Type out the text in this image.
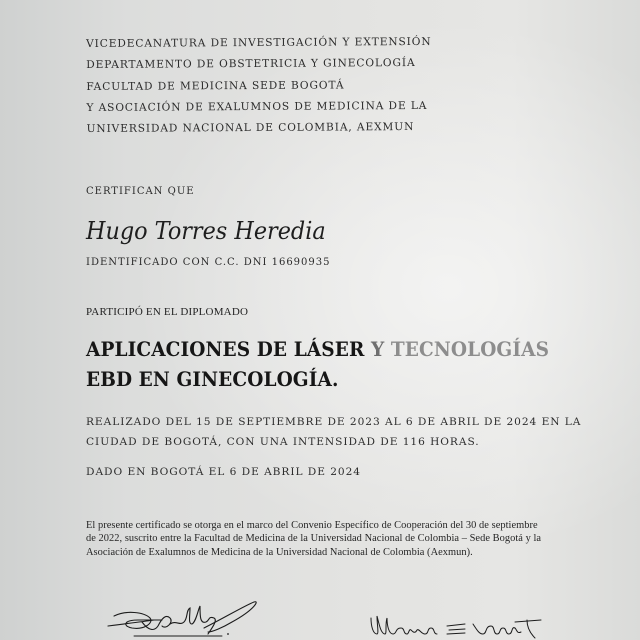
VICEDECANATURA DE INVESTIGACIÓN Y EXTENSIÓN
DEPARTAMENTO DE OBSTETRICIA Y GINECOLOGÍA
FACULTAD DE MEDICINA SEDE BOGOTÁ
Y ASOCIACIÓN DE EXALUMNOS DE MEDICINA DE LA
UNIVERSIDAD NACIONAL DE COLOMBIA, AEXMUN
CERTIFICAN QUE
Hugo Torres Heredia
IDENTIFICADO CON C.C. DNI 16690935
PARTICIPÓ EN EL DIPLOMADO
APLICACIONES DE LÁSER Y TECNOLOGÍAS
EBD EN GINECOLOGÍA.
REALIZADO DEL 15 DE SEPTIEMBRE DE 2023 AL 6 DE ABRIL DE 2024 EN LA
CIUDAD DE BOGOTÁ, CON UNA INTENSIDAD DE 116 HORAS.
DADO EN BOGOTÁ EL 6 DE ABRIL DE 2024
El presente certificado se otorga en el marco del Convenio Específico de Cooperación del 30 de septiembre
de 2022, suscrito entre la Facultad de Medicina de la Universidad Nacional de Colombia – Sede Bogotá y la
Asociación de Exalumnos de Medicina de la Universidad Nacional de Colombia (Aexmun).
